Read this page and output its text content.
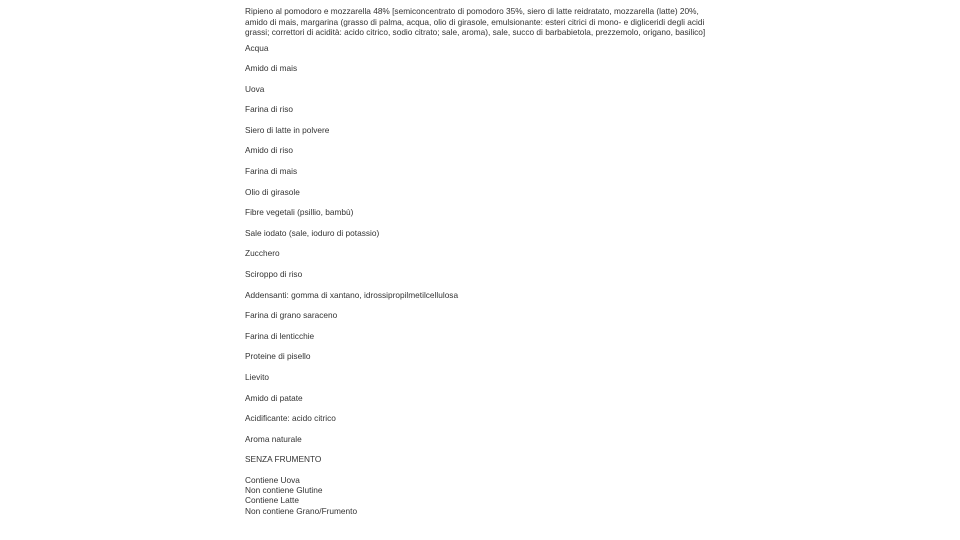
Ripieno al pomodoro e mozzarella 48% [semiconcentrato di pomodoro 35%, siero di latte reidratato, mozzarella (latte) 20%, amido di mais, margarina (grasso di palma, acqua, olio di girasole, emulsionante: esteri citrici di mono- e digliceridi degli acidi grassi; correttori di acidità: acido citrico, sodio citrato; sale, aroma), sale, succo di barbabietola, prezzemolo, origano, basilico]

Acqua
Amido di mais
Uova
Farina di riso
Siero di latte in polvere
Amido di riso
Farina di mais
Olio di girasole
Fibre vegetali (psillio, bambù)
Sale iodato (sale, ioduro di potassio)
Zucchero
Sciroppo di riso
Addensanti: gomma di xantano, idrossipropilmetilcellulosa
Farina di grano saraceno
Farina di lenticchie
Proteine di pisello
Lievito
Amido di patate
Acidificante: acido citrico
Aroma naturale
SENZA FRUMENTO
Contiene Uova
Non contiene Glutine
Contiene Latte
Non contiene Grano/Frumento
